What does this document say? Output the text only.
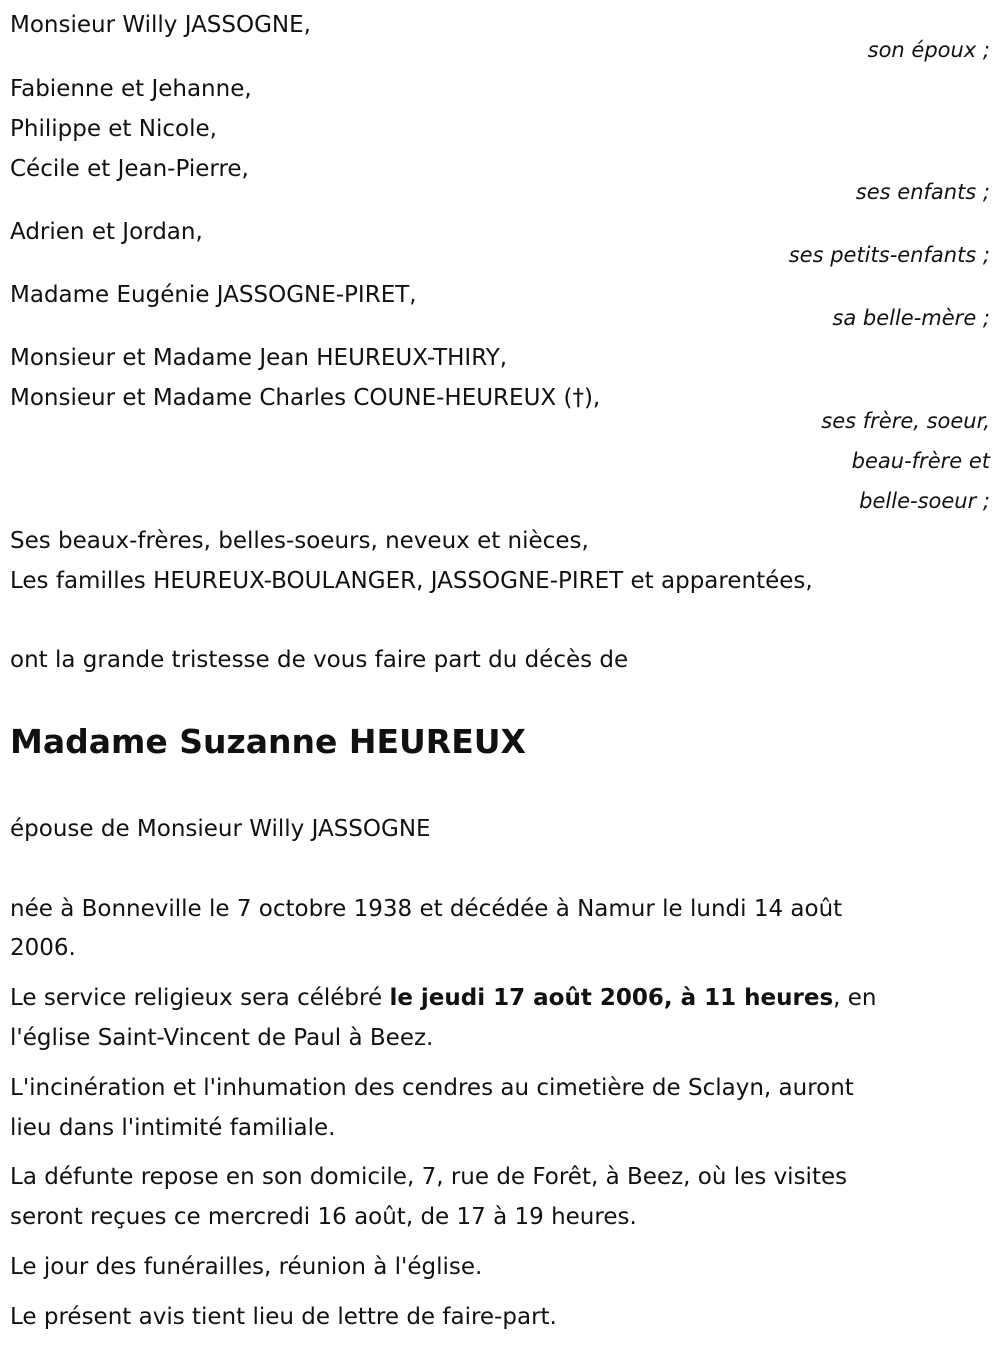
Monsieur Willy JASSOGNE,
son époux ;
Fabienne et Jehanne,
Philippe et Nicole,
Cécile et Jean-Pierre,
ses enfants ;
Adrien et Jordan,
ses petits-enfants ;
Madame Eugénie JASSOGNE-PIRET,
sa belle-mère ;
Monsieur et Madame Jean HEUREUX-THIRY,
Monsieur et Madame Charles COUNE-HEUREUX (†),
ses frère, soeur,
beau-frère et
belle-soeur ;
Ses beaux-frères, belles-soeurs, neveux et nièces,
Les familles HEUREUX-BOULANGER, JASSOGNE-PIRET et apparentées,
ont la grande tristesse de vous faire part du décès de
Madame Suzanne HEUREUX
épouse de Monsieur Willy JASSOGNE
née à Bonneville le 7 octobre 1938 et décédée à Namur le lundi 14 août
2006.
Le service religieux sera célébré le jeudi 17 août 2006, à 11 heures, en
l'église Saint-Vincent de Paul à Beez.
L'incinération et l'inhumation des cendres au cimetière de Sclayn, auront
lieu dans l'intimité familiale.
La défunte repose en son domicile, 7, rue de Forêt, à Beez, où les visites
seront reçues ce mercredi 16 août, de 17 à 19 heures.
Le jour des funérailles, réunion à l'église.
Le présent avis tient lieu de lettre de faire-part.
